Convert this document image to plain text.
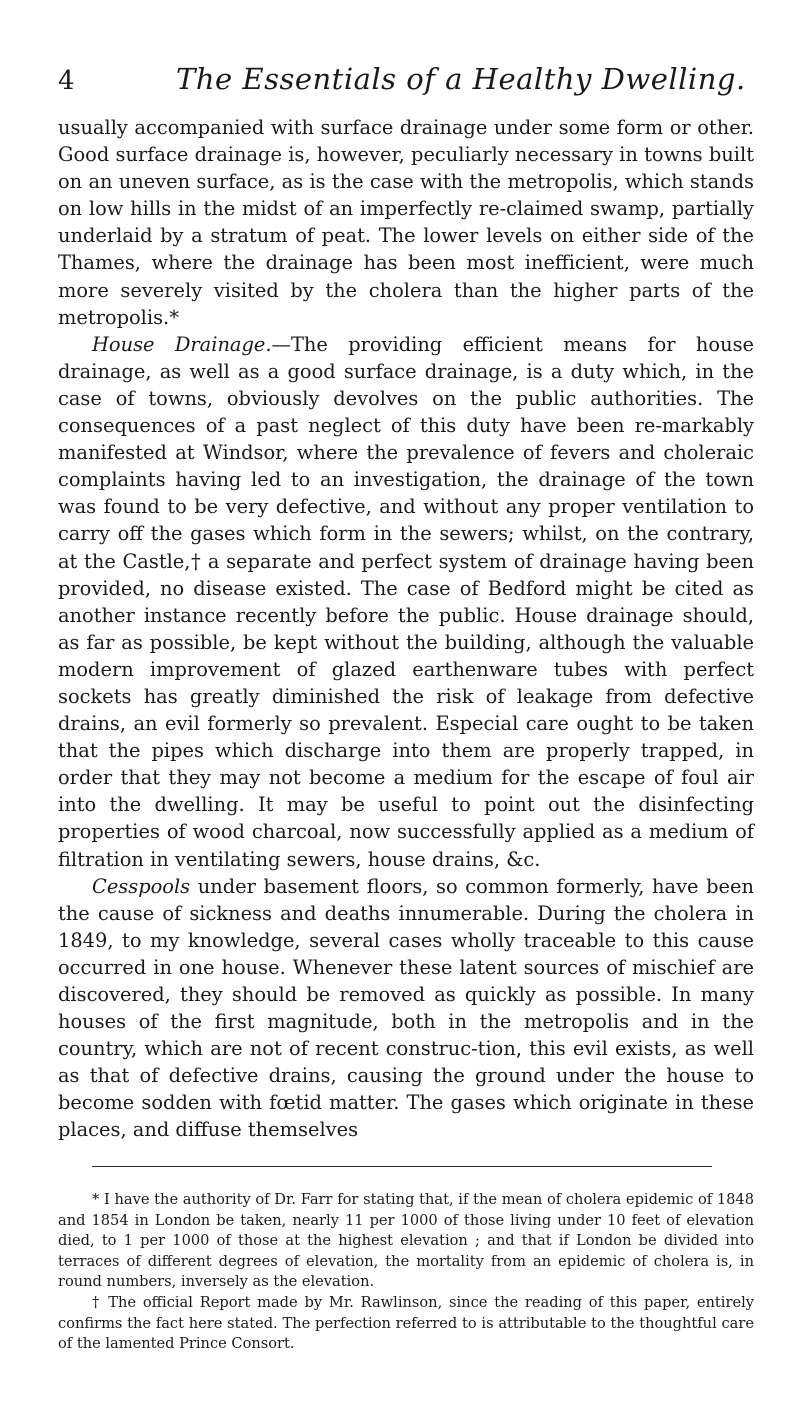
4	The Essentials of a Healthy Dwelling.

usually accompanied with surface drainage under some form or other. Good surface drainage is, however, peculiarly necessary in towns built on an uneven surface, as is the case with the metropolis, which stands on low hills in the midst of an imperfectly re-claimed swamp, partially underlaid by a stratum of peat. The lower levels on either side of the Thames, where the drainage has been most inefficient, were much more severely visited by the cholera than the higher parts of the metropolis.*

House Drainage.—The providing efficient means for house drainage, as well as a good surface drainage, is a duty which, in the case of towns, obviously devolves on the public authorities. The consequences of a past neglect of this duty have been re-markably manifested at Windsor, where the prevalence of fevers and choleraic complaints having led to an investigation, the drainage of the town was found to be very defective, and without any proper ventilation to carry off the gases which form in the sewers; whilst, on the contrary, at the Castle,† a separate and perfect system of drainage having been provided, no disease existed. The case of Bedford might be cited as another instance recently before the public. House drainage should, as far as possible, be kept without the building, although the valuable modern improvement of glazed earthenware tubes with perfect sockets has greatly diminished the risk of leakage from defective drains, an evil formerly so prevalent. Especial care ought to be taken that the pipes which discharge into them are properly trapped, in order that they may not become a medium for the escape of foul air into the dwelling. It may be useful to point out the disinfecting properties of wood charcoal, now successfully applied as a medium of filtration in ventilating sewers, house drains, &c.

Cesspools under basement floors, so common formerly, have been the cause of sickness and deaths innumerable. During the cholera in 1849, to my knowledge, several cases wholly traceable to this cause occurred in one house. Whenever these latent sources of mischief are discovered, they should be removed as quickly as possible. In many houses of the first magnitude, both in the metropolis and in the country, which are not of recent construc-tion, this evil exists, as well as that of defective drains, causing the ground under the house to become sodden with fœtid matter. The gases which originate in these places, and diffuse themselves

* I have the authority of Dr. Farr for stating that, if the mean of cholera epidemic of 1848 and 1854 in London be taken, nearly 11 per 1000 of those living under 10 feet of elevation died, to 1 per 1000 of those at the highest elevation ; and that if London be divided into terraces of different degrees of elevation, the mortality from an epidemic of cholera is, in round numbers, inversely as the elevation.

† The official Report made by Mr. Rawlinson, since the reading of this paper, entirely confirms the fact here stated. The perfection referred to is attributable to the thoughtful care of the lamented Prince Consort.
